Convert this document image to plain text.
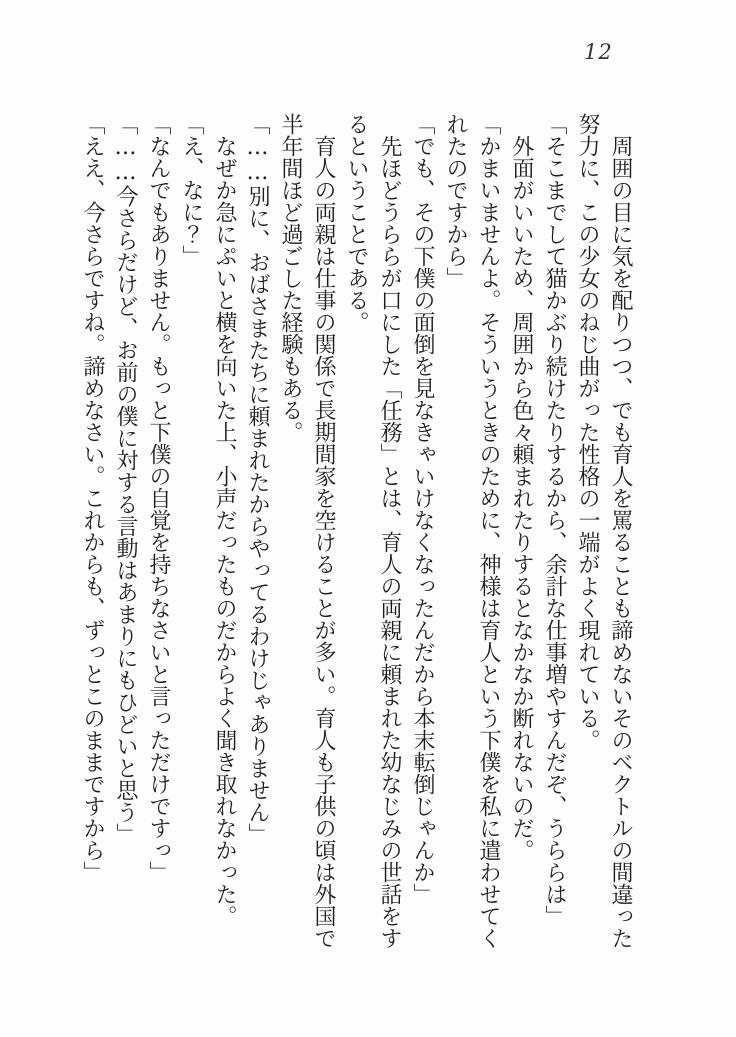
12

周囲の目に気を配りつつ、でも育人を罵ることも諦めないそのベクトルの間違った努力に、この少女のねじ曲がった性格の一端がよく現れている。

「そこまでして猫かぶり続けたりするから、余計な仕事増やすんだぞ、うららは」

外面がいいため、周囲から色々頼まれたりするとなかなか断れないのだ。

「かまいませんよ。そういうときのために、神様は育人という下僕を私に遣わせてくれたのですから」

「でも、その下僕の面倒を見なきゃいけなくなったんだから本末転倒じゃんか」

先ほどうららが口にした「任務」とは、育人の両親に頼まれた幼なじみの世話をするということである。

育人の両親は仕事の関係で長期間家を空けることが多い。育人も子供の頃は外国で半年間ほど過ごした経験もある。

「……別に、おばさまたちに頼まれたからやってるわけじゃありません」

なぜか急にぷいと横を向いた上、小声だったものだからよく聞き取れなかった。

「え、なに？」

「なんでもありません。もっと下僕の自覚を持ちなさいと言っただけですっ」

「……今さらだけど、お前の僕に対する言動はあまりにもひどいと思う」

「ええ、今さらですね。諦めなさい。これからも、ずっとこのままですから」
